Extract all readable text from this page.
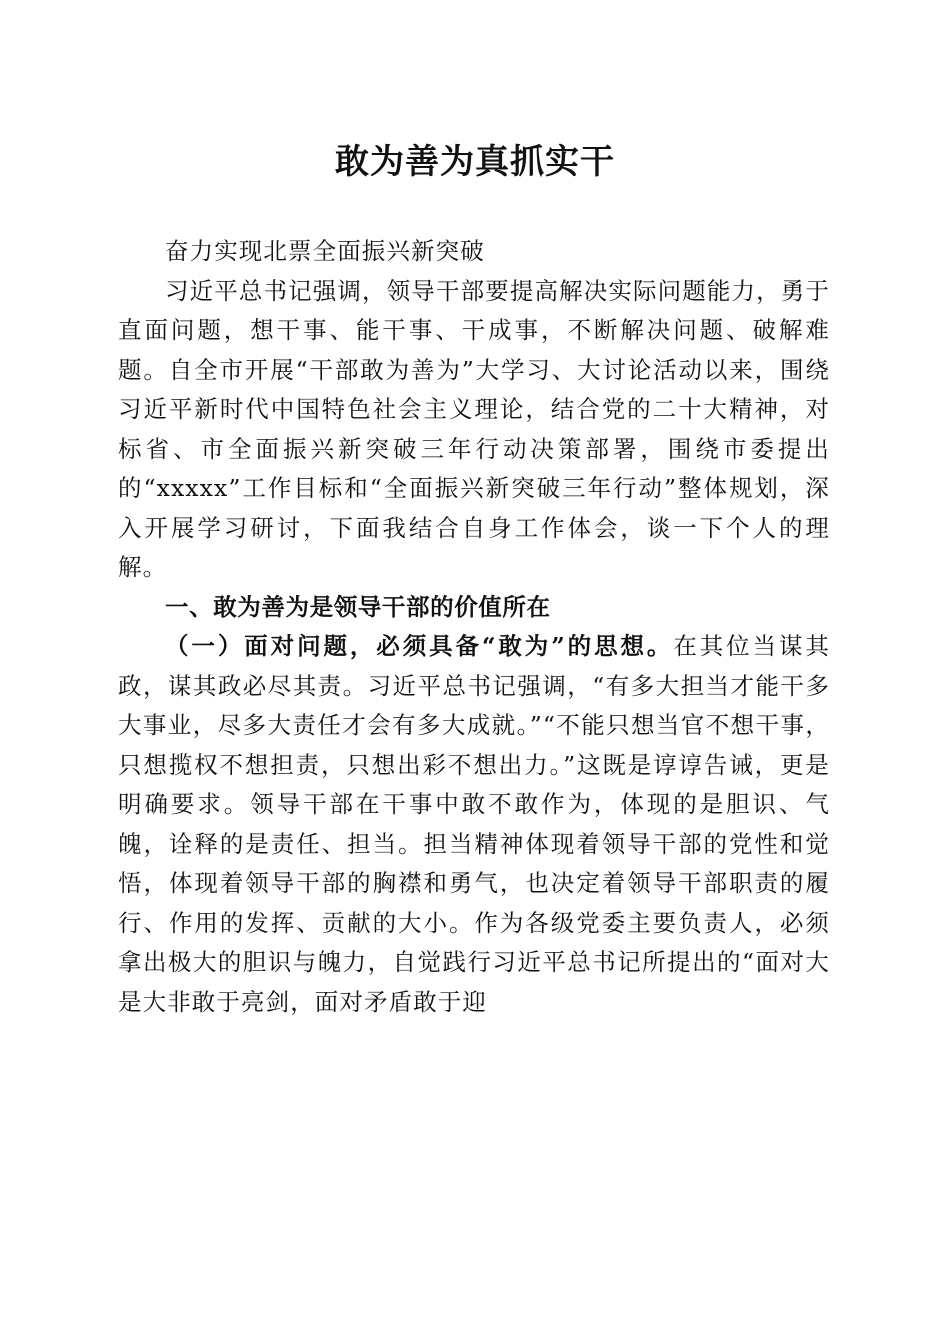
敢为善为真抓实干

奋力实现北票全面振兴新突破

习近平总书记强调，领导干部要提高解决实际问题能力，勇于直面问题，想干事、能干事、干成事，不断解决问题、破解难题。自全市开展“干部敢为善为”大学习、大讨论活动以来，围绕习近平新时代中国特色社会主义理论，结合党的二十大精神，对标省、市全面振兴新突破三年行动决策部署，围绕市委提出的“xxxxx”工作目标和“全面振兴新突破三年行动”整体规划，深入开展学习研讨，下面我结合自身工作体会，谈一下个人的理解。

一、敢为善为是领导干部的价值所在

（一）面对问题，必须具备“敢为”的思想。在其位当谋其政，谋其政必尽其责。习近平总书记强调，“有多大担当才能干多大事业，尽多大责任才会有多大成就。”“不能只想当官不想干事，只想揽权不想担责，只想出彩不想出力。”这既是谆谆告诫，更是明确要求。领导干部在干事中敢不敢作为，体现的是胆识、气魄，诠释的是责任、担当。担当精神体现着领导干部的党性和觉悟，体现着领导干部的胸襟和勇气，也决定着领导干部职责的履行、作用的发挥、贡献的大小。作为各级党委主要负责人，必须拿出极大的胆识与魄力，自觉践行习近平总书记所提出的“面对大是大非敢于亮剑，面对矛盾敢于迎
